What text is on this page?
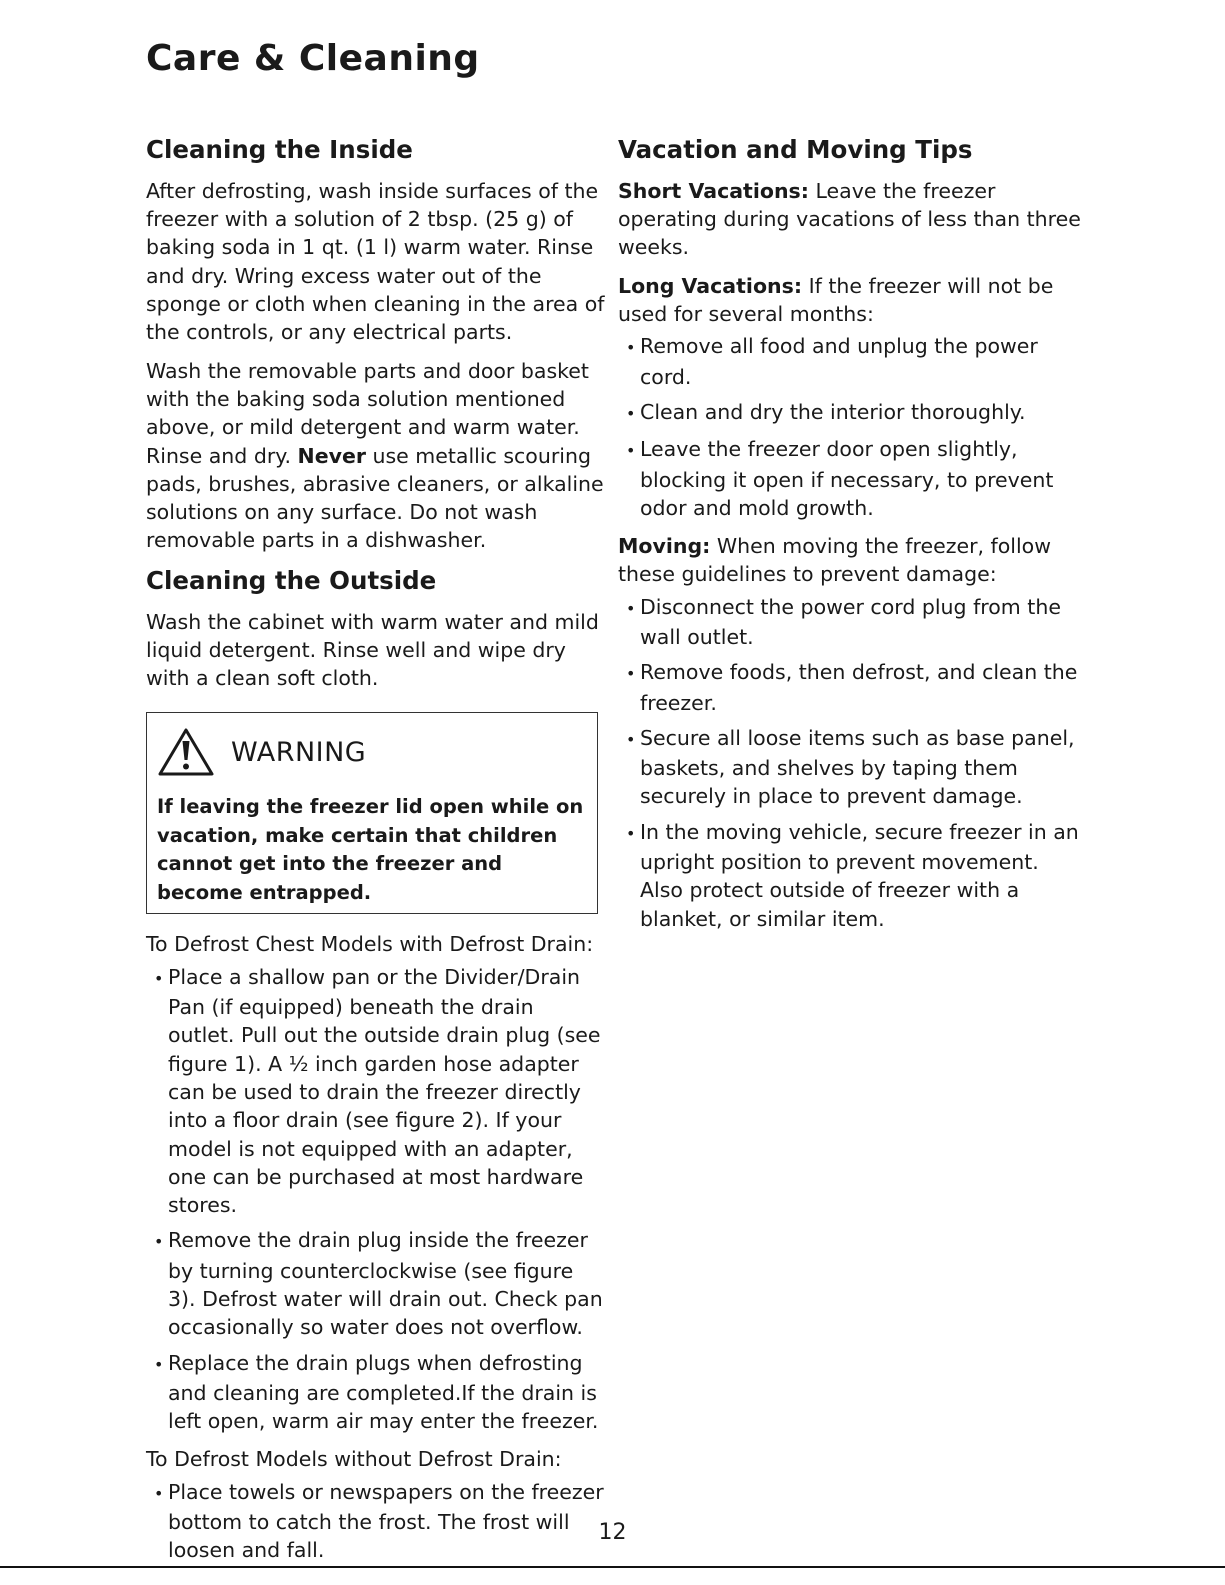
Care & Cleaning
Cleaning the Inside

After defrosting, wash inside surfaces of the freezer with a solution of 2 tbsp. (25 g) of baking soda in 1 qt. (1 l) warm water. Rinse and dry. Wring excess water out of the sponge or cloth when cleaning in the area of the controls, or any electrical parts.

Wash the removable parts and door basket with the baking soda solution mentioned above, or mild detergent and warm water. Rinse and dry. Never use metallic scouring pads, brushes, abrasive cleaners, or alkaline solutions on any surface. Do not wash removable parts in a dishwasher.

Cleaning the Outside

Wash the cabinet with warm water and mild liquid detergent. Rinse well and wipe dry with a clean soft cloth.

WARNING

If leaving the freezer lid open while on vacation, make certain that children cannot get into the freezer and become entrapped.

To Defrost Chest Models with Defrost Drain:

• Place a shallow pan or the Divider/Drain Pan (if equipped) beneath the drain outlet. Pull out the outside drain plug (see figure 1). A ½ inch garden hose adapter can be used to drain the freezer directly into a floor drain (see figure 2). If your model is not equipped with an adapter, one can be purchased at most hardware stores.
• Remove the drain plug inside the freezer by turning counterclockwise (see figure 3). Defrost water will drain out. Check pan occasionally so water does not overflow.
• Replace the drain plugs when defrosting and cleaning are completed.If the drain is left open, warm air may enter the freezer.

To Defrost Models without Defrost Drain:

• Place towels or newspapers on the freezer bottom to catch the frost. The frost will loosen and fall.
Vacation and Moving Tips

Short Vacations: Leave the freezer operating during vacations of less than three weeks.

Long Vacations: If the freezer will not be used for several months:

• Remove all food and unplug the power cord.
• Clean and dry the interior thoroughly.
• Leave the freezer door open slightly, blocking it open if necessary, to prevent odor and mold growth.

Moving: When moving the freezer, follow these guidelines to prevent damage:

• Disconnect the power cord plug from the wall outlet.
• Remove foods, then defrost, and clean the freezer.
• Secure all loose items such as base panel, baskets, and shelves by taping them securely in place to prevent damage.
• In the moving vehicle, secure freezer in an upright position to prevent movement. Also protect outside of freezer with a blanket, or similar item.
12
